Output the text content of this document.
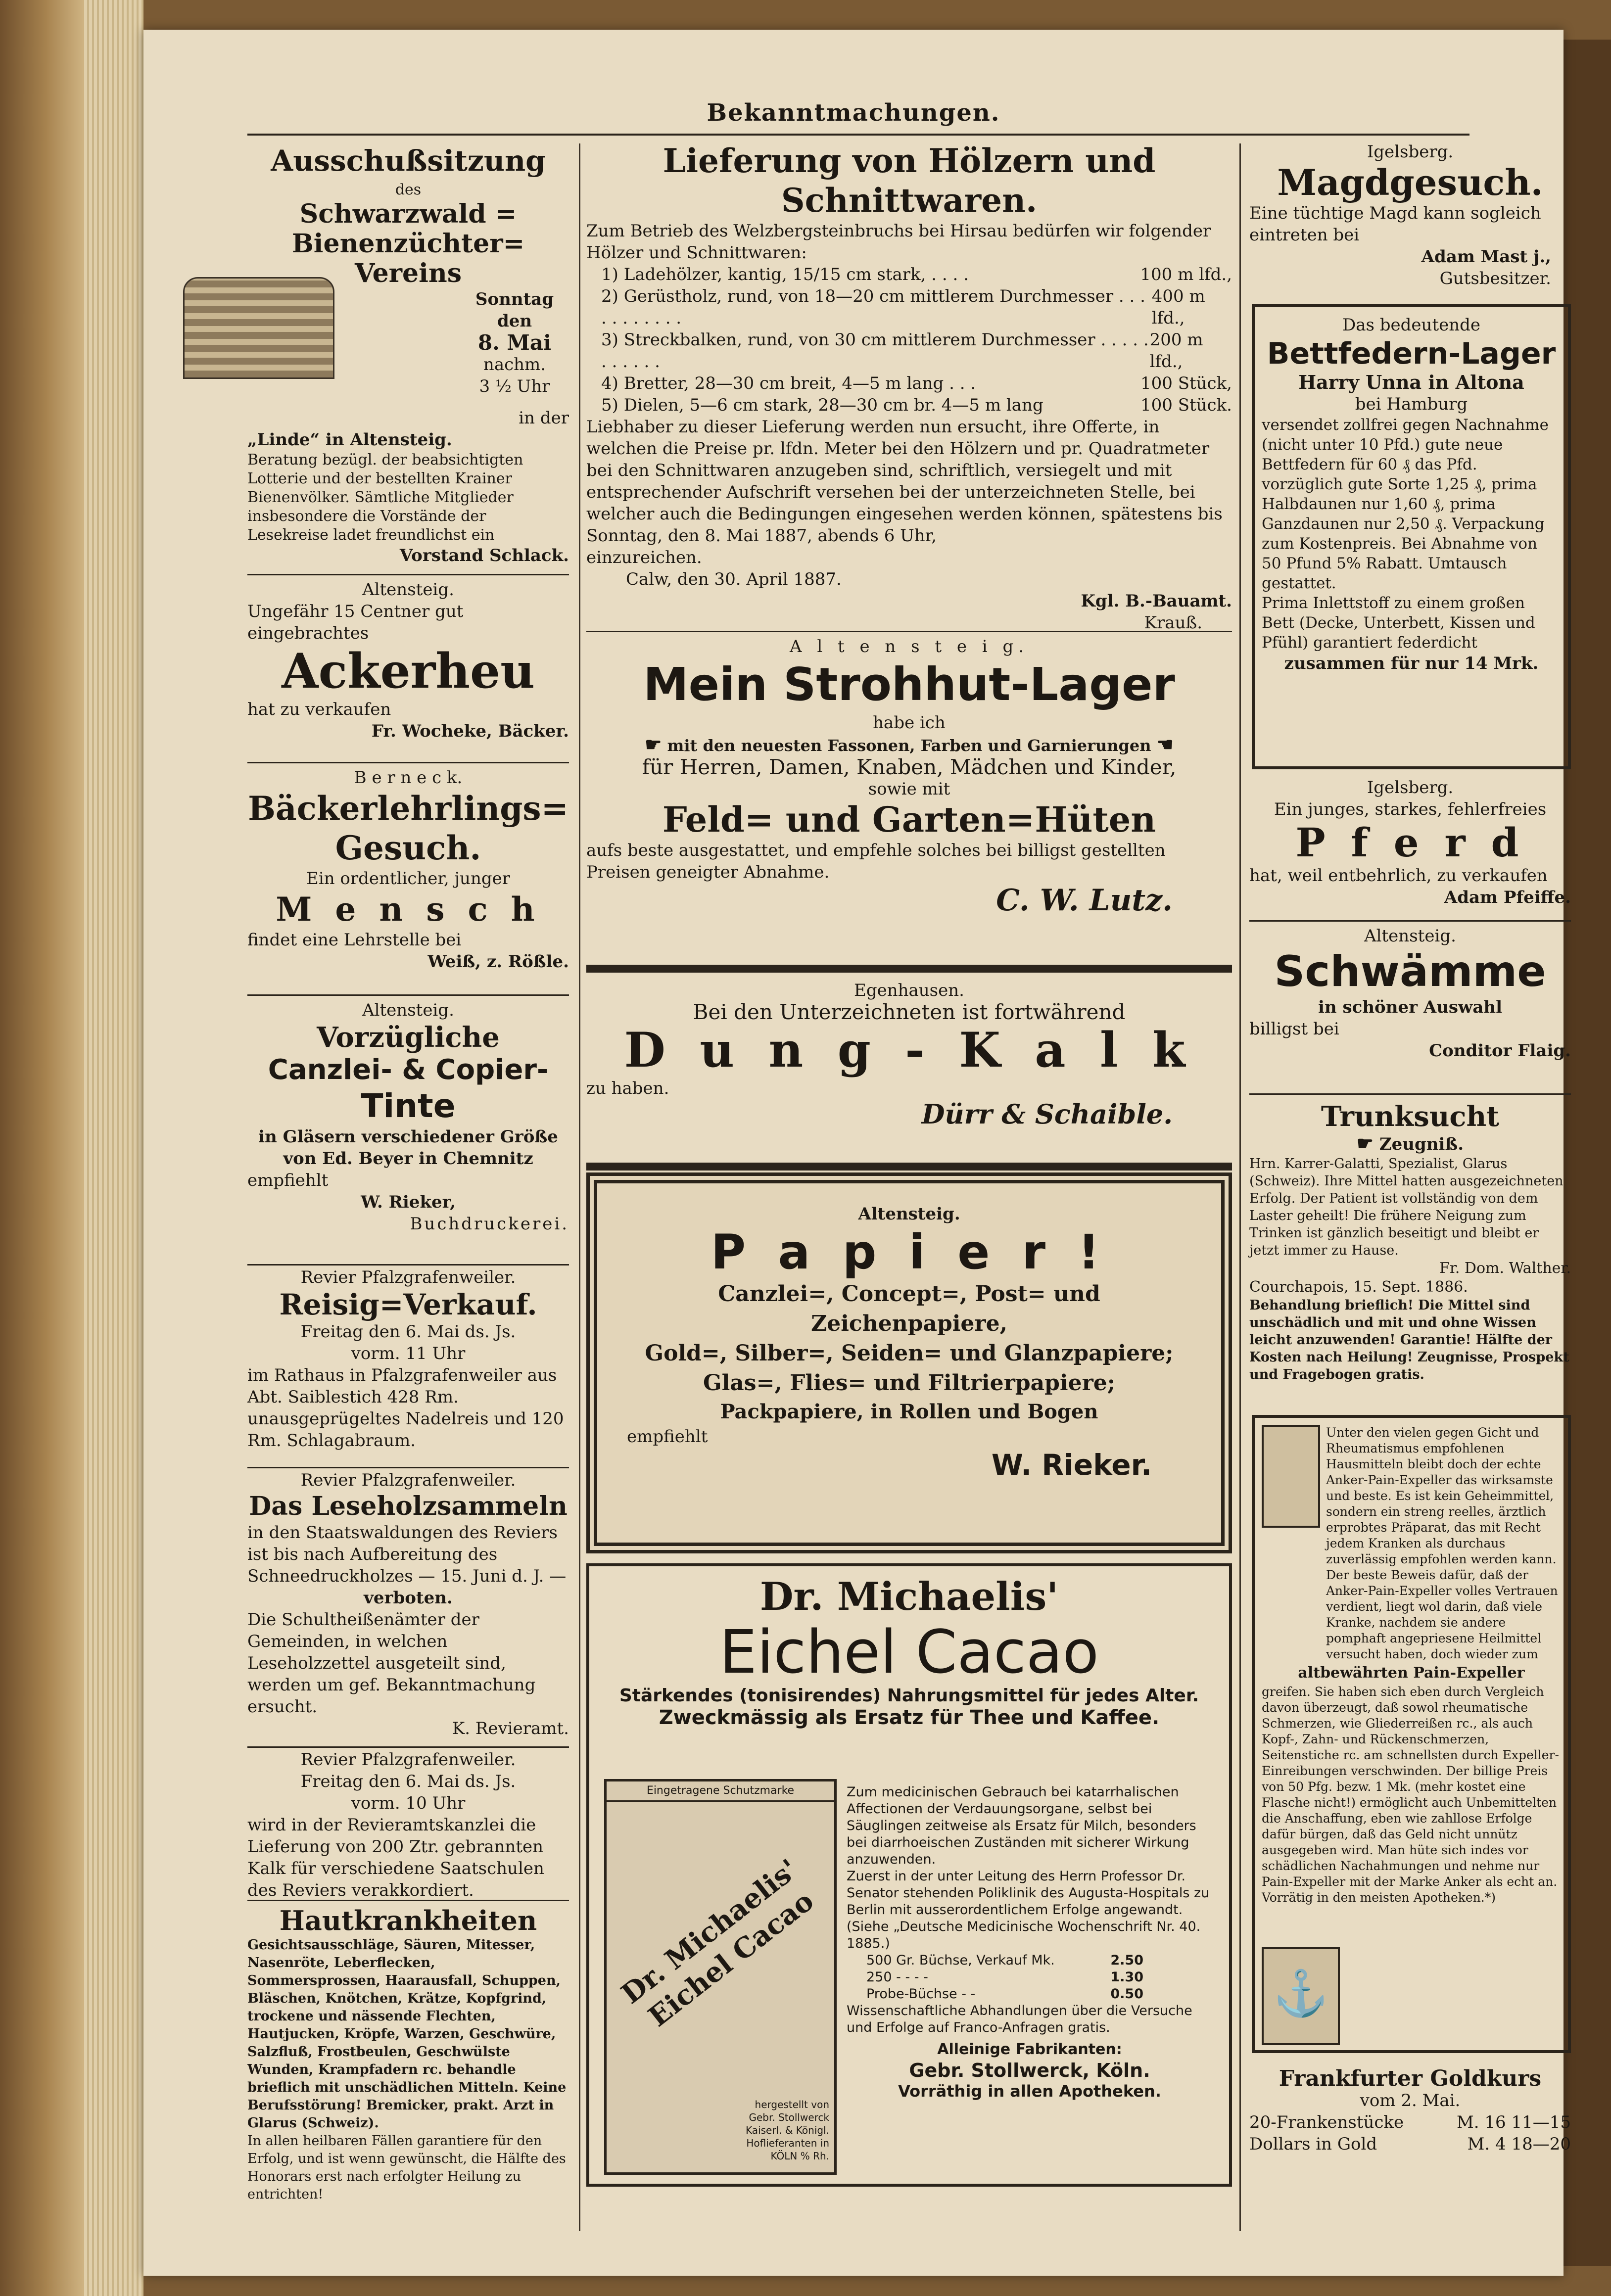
Bekanntmachungen.
Ausschußsitzung
des
Schwarzwald = Bienenzüchter=
Vereins
Sonntag
den
8. Mai
nachm.
3 ½ Uhr
in der
„Linde“ in Altensteig.
Beratung bezügl. der beabsichtigten Lotterie und der bestellten Krainer Bienenvölker. Sämtliche Mitglieder insbesondere die Vorstände der Lesekreise ladet freundlichst ein
Vorstand Schlack.
Altensteig.
Ungefähr 15 Centner gut eingebrachtes
Ackerheu
hat zu verkaufen
Fr. Wocheke, Bäcker.
B e r n e c k.
Bäckerlehrlings=
Gesuch.
Ein ordentlicher, junger
M e n s c h
findet eine Lehrstelle bei
Weiß, z. Rößle.
Altensteig.
Vorzügliche
Canzlei- & Copier-
Tinte
in Gläsern verschiedener Größe von Ed. Beyer in Chemnitz
empfiehlt
W. Rieker,
Buchdruckerei.
Revier Pfalzgrafenweiler.
Reisig=Verkauf.
Freitag den 6. Mai ds. Js.
vorm. 11 Uhr
im Rathaus in Pfalzgrafenweiler aus Abt. Saiblestich 428 Rm. unausgeprügeltes Nadelreis und 120 Rm. Schlagabraum.
Revier Pfalzgrafenweiler.
Das Leseholzsammeln
in den Staatswaldungen des Reviers ist bis nach Aufbereitung des Schneedruckholzes — 15. Juni d. J. —
verboten.
Die Schultheißenämter der Gemeinden, in welchen Leseholzzettel ausgeteilt sind, werden um gef. Bekanntmachung ersucht.
K. Revieramt.
Revier Pfalzgrafenweiler.
Freitag den 6. Mai ds. Js.
vorm. 10 Uhr
wird in der Revieramtskanzlei die Lieferung von 200 Ztr. gebrannten Kalk für verschiedene Saatschulen des Reviers verakkordiert.
Hautkrankheiten
Gesichtsausschläge, Säuren, Mitesser, Nasenröte, Leberflecken, Sommersprossen, Haarausfall, Schuppen, Bläschen, Knötchen, Krätze, Kopfgrind, trockene und nässende Flechten, Hautjucken, Kröpfe, Warzen, Geschwüre, Salzfluß, Frostbeulen, Geschwülste Wunden, Krampfadern rc. behandle brieflich mit unschädlichen Mitteln. Keine Berufsstörung! Bremicker, prakt. Arzt in Glarus (Schweiz).
In allen heilbaren Fällen garantiere für den Erfolg, und ist wenn gewünscht, die Hälfte des Honorars erst nach erfolgter Heilung zu entrichten!
Lieferung von Hölzern und Schnittwaren.
Zum Betrieb des Welzbergsteinbruchs bei Hirsau bedürfen wir folgender Hölzer und Schnittwaren:
1) Ladehölzer, kantig, 15/15 cm stark, . . . .	100 m lfd.,
2) Gerüstholz, rund, von 18—20 cm mittlerem Durchmesser . . . . . . . . . . .
400 m lfd.,
3) Streckbalken, rund, von 30 cm mittlerem Durchmesser . . . . . . . . . . .
200 m lfd.,
4) Bretter, 28—30 cm breit, 4—5 m lang . . .	100 Stück,
5) Dielen, 5—6 cm stark, 28—30 cm br. 4—5 m lang	100 Stück.
Liebhaber zu dieser Lieferung werden nun ersucht, ihre Offerte, in welchen die Preise pr. lfdn. Meter bei den Hölzern und pr. Quadratmeter bei den Schnittwaren anzugeben sind, schriftlich, versiegelt und mit entsprechender Aufschrift versehen bei der unterzeichneten Stelle, bei welcher auch die Bedingungen eingesehen werden können, spätestens bis Sonntag, den 8. Mai 1887, abends 6 Uhr,
einzureichen.
Calw, den 30. April 1887.
Kgl. B.-Bauamt.
Krauß.
A l t e n s t e i g.
Mein Strohhut-Lager
habe ich
☛ mit den neuesten Fassonen, Farben und Garnierungen ☚
für Herren, Damen, Knaben, Mädchen und Kinder,
sowie mit
Feld= und Garten=Hüten
aufs beste ausgestattet, und empfehle solches bei billigst gestellten Preisen geneigter Abnahme.
C. W. Lutz.
Egenhausen.
Bei den Unterzeichneten ist fortwährend
D u n g - K a l k
zu haben.
Dürr & Schaible.
Altensteig.
P a p i e r !
Canzlei=, Concept=, Post= und Zeichenpapiere,
Gold=, Silber=, Seiden= und Glanzpapiere;
Glas=, Flies= und Filtrierpapiere;
Packpapiere, in Rollen und Bogen
empfiehlt
W. Rieker.
Dr. Michaelis'
Eichel Cacao
Stärkendes (tonisirendes) Nahrungsmittel für jedes Alter.
Zweckmässig als Ersatz für Thee und Kaffee.
Eingetragene Schutzmarke
Dr. Michaelis' Eichel Cacao
hergestellt von Gebr. Stollwerck Kaiserl. & Königl. Hoflieferanten in KÖLN % Rh.
Zum medicinischen Gebrauch bei katarrhalischen Affectionen der Verdauungsorgane, selbst bei Säuglingen zeitweise als Ersatz für Milch, besonders bei diarrhoeischen Zuständen mit sicherer Wirkung anzuwenden.
Zuerst in der unter Leitung des Herrn Professor Dr. Senator stehenden Poliklinik des Augusta-Hospitals zu Berlin mit ausserordentlichem Erfolge angewandt.
(Siehe „Deutsche Medicinische Wochenschrift Nr. 40. 1885.)
500 Gr. Büchse, Verkauf Mk.	2.50
250 - - - -	1.30
Probe-Büchse - -	0.50
Wissenschaftliche Abhandlungen über die Versuche und Erfolge auf Franco-Anfragen gratis.
Alleinige Fabrikanten:
Gebr. Stollwerck, Köln.
Vorräthig in allen Apotheken.
Igelsberg.
Magdgesuch.
Eine tüchtige Magd kann sogleich eintreten bei
Adam Mast j.,
Gutsbesitzer.
Das bedeutende
Bettfedern-Lager
Harry Unna in Altona
bei Hamburg
versendet zollfrei gegen Nachnahme (nicht unter 10 Pfd.) gute neue Bettfedern für 60 ₰ das Pfd. vorzüglich gute Sorte 1,25 ₰, prima Halbdaunen nur 1,60 ₰, prima Ganzdaunen nur 2,50 ₰. Verpackung zum Kostenpreis. Bei Abnahme von 50 Pfund 5% Rabatt. Umtausch gestattet.
Prima Inlettstoff zu einem großen Bett (Decke, Unterbett, Kissen und Pfühl) garantiert federdicht
zusammen für nur 14 Mrk.
Igelsberg.
Ein junges, starkes, fehlerfreies
P f e r d
hat, weil entbehrlich, zu verkaufen
Adam Pfeiffe.
Altensteig.
Schwämme
in schöner Auswahl
billigst bei
Conditor Flaig.
Trunksucht
☛ Zeugniß.
Hrn. Karrer-Galatti, Spezialist, Glarus (Schweiz). Ihre Mittel hatten ausgezeichneten Erfolg. Der Patient ist vollständig von dem Laster geheilt! Die frühere Neigung zum Trinken ist gänzlich beseitigt und bleibt er jetzt immer zu Hause.
Fr. Dom. Walther.
Courchapois, 15. Sept. 1886.
Behandlung brieflich! Die Mittel sind unschädlich und mit und ohne Wissen leicht anzuwenden! Garantie! Hälfte der Kosten nach Heilung! Zeugnisse, Prospekt und Fragebogen gratis.
⚓
Unter den vielen gegen Gicht und Rheumatismus empfohlenen Hausmitteln bleibt doch der echte Anker-Pain-Expeller das wirksamste und beste. Es ist kein Geheimmittel, sondern ein streng reelles, ärztlich erprobtes Präparat, das mit Recht jedem Kranken als durchaus zuverlässig empfohlen werden kann. Der beste Beweis dafür, daß der Anker-Pain-Expeller volles Vertrauen verdient, liegt wol darin, daß viele Kranke, nachdem sie andere pomphaft angepriesene Heilmittel versucht haben, doch wieder zum
altbewährten Pain-Expeller
greifen. Sie haben sich eben durch Vergleich davon überzeugt, daß sowol rheumatische Schmerzen, wie Gliederreißen rc., als auch Kopf-, Zahn- und Rückenschmerzen, Seitenstiche rc. am schnellsten durch Expeller-Einreibungen verschwinden. Der billige Preis von 50 Pfg. bezw. 1 Mk. (mehr kostet eine Flasche nicht!) ermöglicht auch Unbemittelten die Anschaffung, eben wie zahllose Erfolge dafür bürgen, daß das Geld nicht unnütz ausgegeben wird. Man hüte sich indes vor schädlichen Nachahmungen und nehme nur Pain-Expeller mit der Marke Anker als echt an. Vorrätig in den meisten Apotheken.*)
Frankfurter Goldkurs
vom 2. Mai.
20-Frankenstücke	M. 16 11—15
Dollars in Gold	M. 4 18—20
